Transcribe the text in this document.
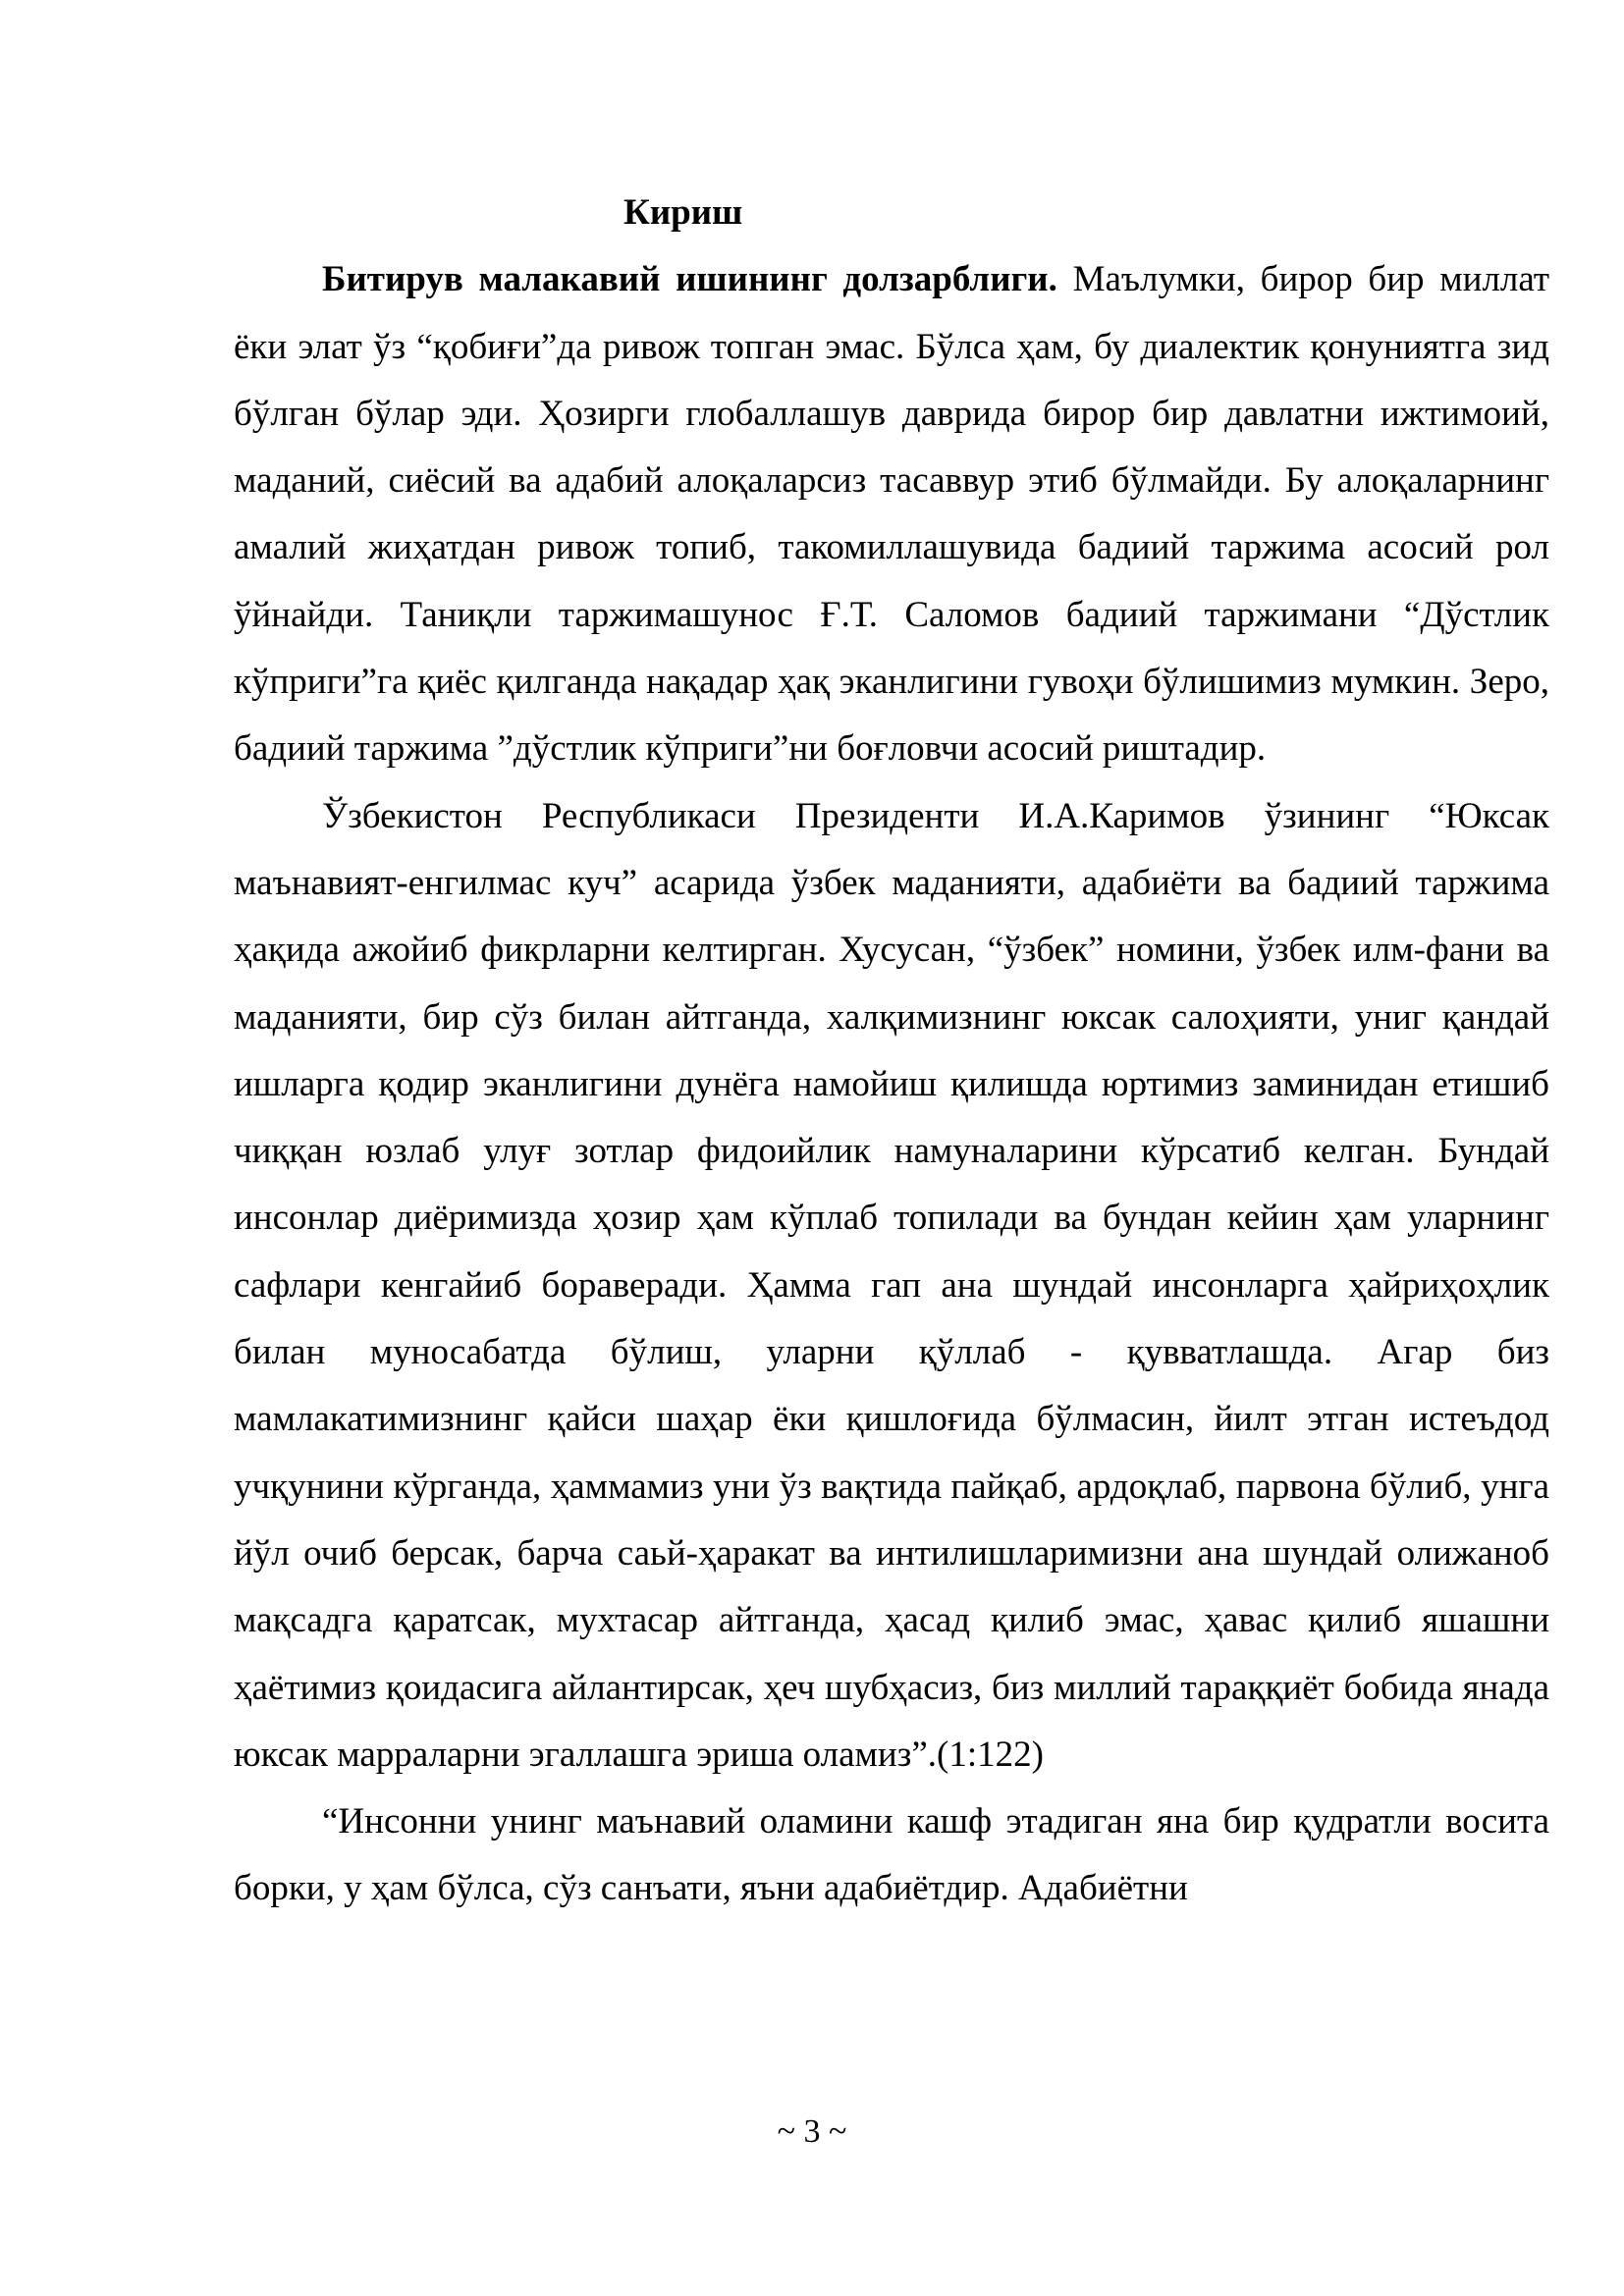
Кириш

Битирув малакавий ишининг долзарблиги. Маълумки, бирор бир миллат ёки элат ўз “қобиғи”да ривож топган эмас. Бўлса ҳам, бу диалектик қонуниятга зид бўлган бўлар эди. Ҳозирги глобаллашув даврида бирор бир давлатни ижтимоий, маданий, сиёсий ва адабий алоқаларсиз тасаввур этиб бўлмайди. Бу алоқаларнинг амалий жиҳатдан ривож топиб, такомиллашувида бадиий таржима асосий рол ўйнайди. Таниқли таржимашунос Ғ.Т. Саломов бадиий таржимани “Дўстлик кўприги”га қиёс қилганда нақадар ҳақ эканлигини гувоҳи бўлишимиз мумкин. Зеро, бадиий таржима ”дўстлик кўприги”ни боғловчи асосий риштадир.

Ўзбекистон Республикаси Президенти И.А.Каримов ўзининг “Юксак маънавият-енгилмас куч” асарида ўзбек маданияти, адабиёти ва бадиий таржима ҳақида ажойиб фикрларни келтирган. Хусусан, “ўзбек” номини, ўзбек илм-фани ва маданияти, бир сўз билан айтганда, халқимизнинг юксак салоҳияти, униг қандай ишларга қодир эканлигини дунёга намойиш қилишда юртимиз заминидан етишиб чиққан юзлаб улуғ зотлар фидоийлик намуналарини кўрсатиб келган. Бундай инсонлар диёримизда ҳозир ҳам кўплаб топилади ва бундан кейин ҳам уларнинг сафлари кенгайиб бораверади. Ҳамма гап ана шундай инсонларга ҳайриҳоҳлик билан муносабатда бўлиш, уларни қўллаб - қувватлашда. Агар биз мамлакатимизнинг қайси шаҳар ёки қишлоғида бўлмасин, йилт этган истеъдод учқунини кўрганда, ҳаммамиз уни ўз вақтида пайқаб, ардоқлаб, парвона бўлиб, унга йўл очиб берсак, барча саьй-ҳаракат ва интилишларимизни ана шундай олижаноб мақсадга қаратсак, мухтасар айтганда, ҳасад қилиб эмас, ҳавас қилиб яшашни ҳаётимиз қоидасига айлантирсак, ҳеч шубҳасиз, биз миллий тараққиёт бобида янада юксак марраларни эгаллашга эриша оламиз”.(1:122)

“Инсонни унинг маънавий оламини кашф этадиган яна бир қудратли восита борки, у ҳам бўлса, сўз санъати, яъни адабиётдир. Адабиётни

~ 3 ~
